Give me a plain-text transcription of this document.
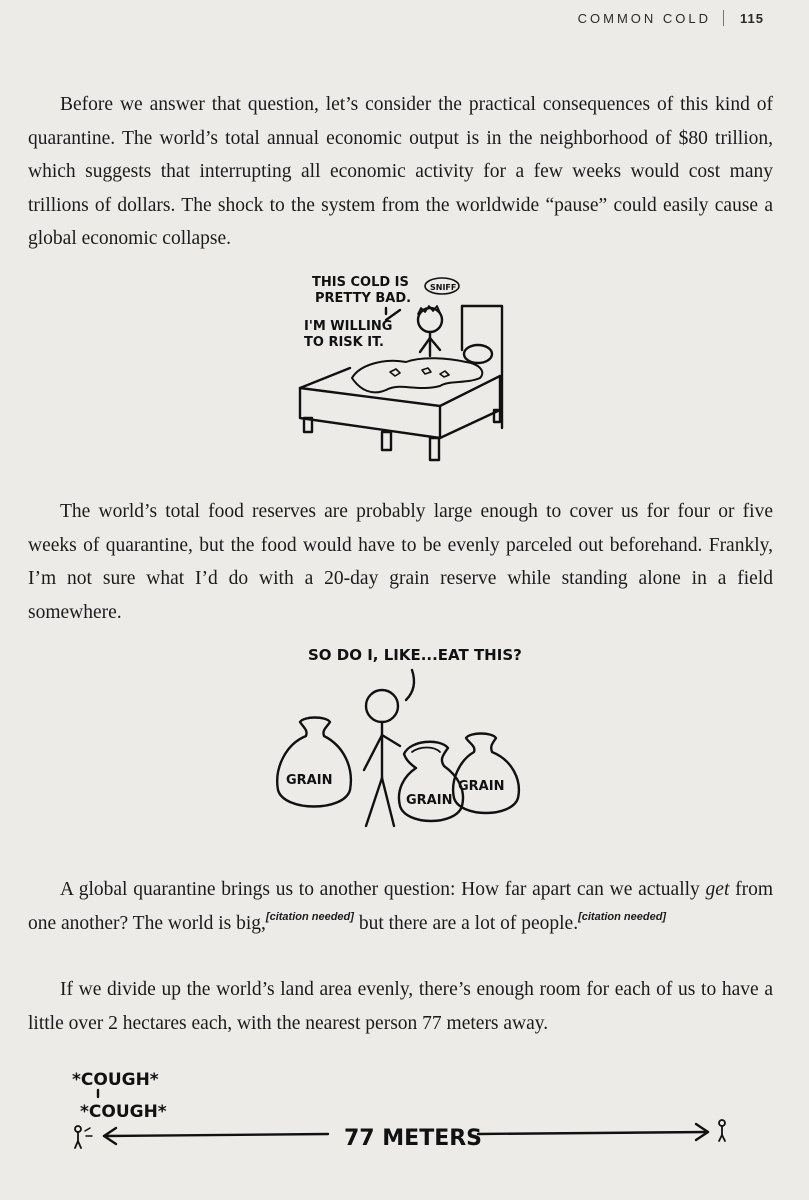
COMMON COLD 115

Before we answer that question, let’s consider the practical consequences of this kind of quarantine. The world’s total annual economic output is in the neighborhood of $80 trillion, which suggests that interrupting all economic activity for a few weeks would cost many trillions of dollars. The shock to the system from the worldwide “pause” could easily cause a global economic collapse.

THIS COLD IS
PRETTY BAD.
I'M WILLING
TO RISK IT.
SNIFF

The world’s total food reserves are probably large enough to cover us for four or five weeks of quarantine, but the food would have to be evenly parceled out beforehand. Frankly, I’m not sure what I’d do with a 20-day grain reserve while standing alone in a field somewhere.

SO DO I, LIKE...EAT THIS?
GRAIN
GRAIN
GRAIN

A global quarantine brings us to another question: How far apart can we actually get from one another? The world is big,[citation needed] but there are a lot of people.[citation needed]

If we divide up the world’s land area evenly, there’s enough room for each of us to have a little over 2 hectares each, with the nearest person 77 meters away.

*COUGH*
*COUGH*
77 METERS
